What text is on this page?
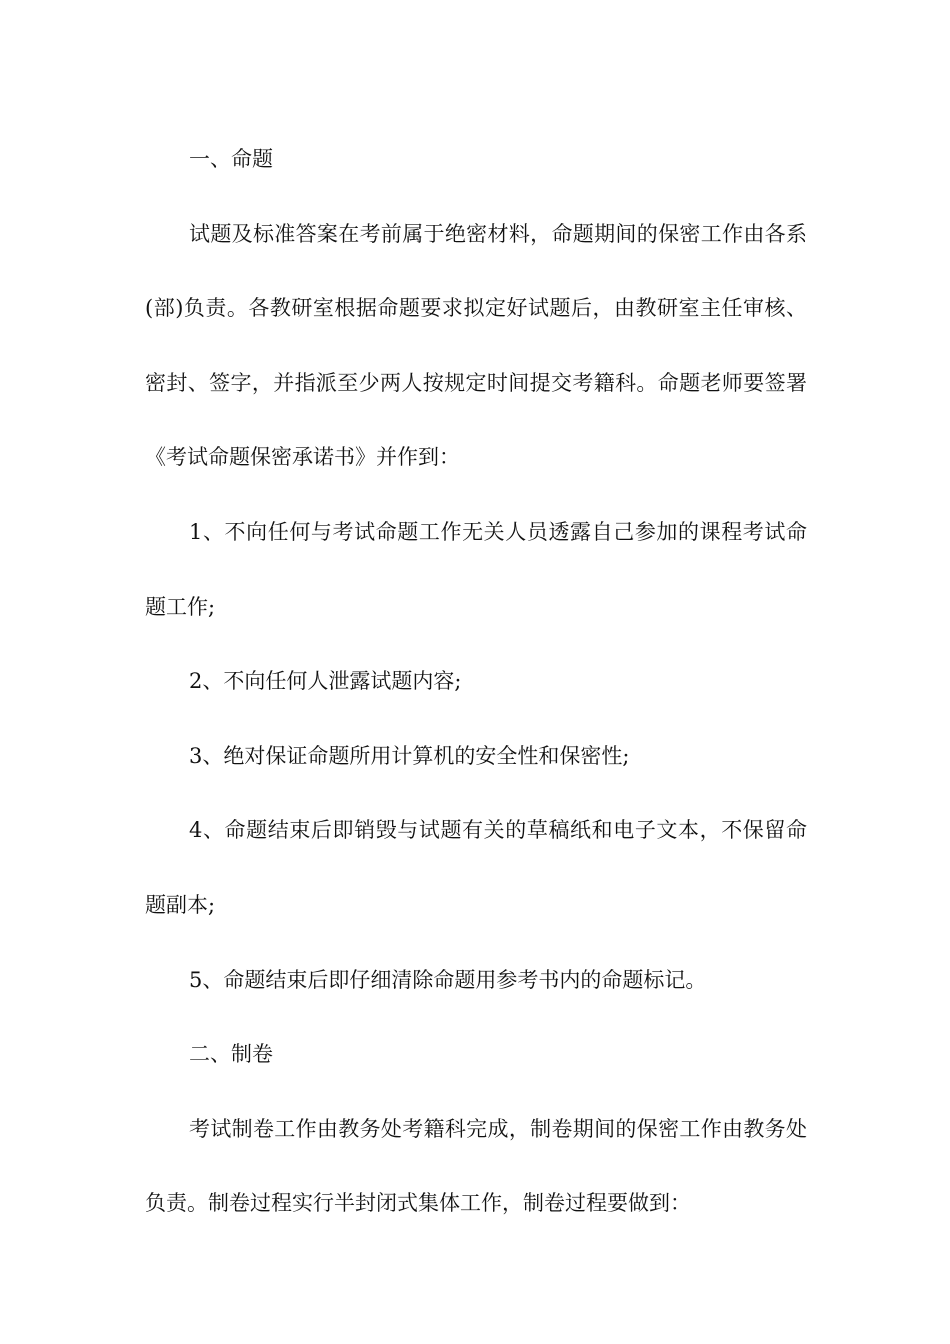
一、命题

试题及标准答案在考前属于绝密材料，命题期间的保密工作由各系(部)负责。各教研室根据命题要求拟定好试题后，由教研室主任审核、密封、签字，并指派至少两人按规定时间提交考籍科。命题老师要签署《考试命题保密承诺书》并作到：

1、不向任何与考试命题工作无关人员透露自己参加的课程考试命题工作;

2、不向任何人泄露试题内容;

3、绝对保证命题所用计算机的安全性和保密性;

4、命题结束后即销毁与试题有关的草稿纸和电子文本，不保留命题副本;

5、命题结束后即仔细清除命题用参考书内的命题标记。

二、制卷

考试制卷工作由教务处考籍科完成，制卷期间的保密工作由教务处负责。制卷过程实行半封闭式集体工作，制卷过程要做到：
